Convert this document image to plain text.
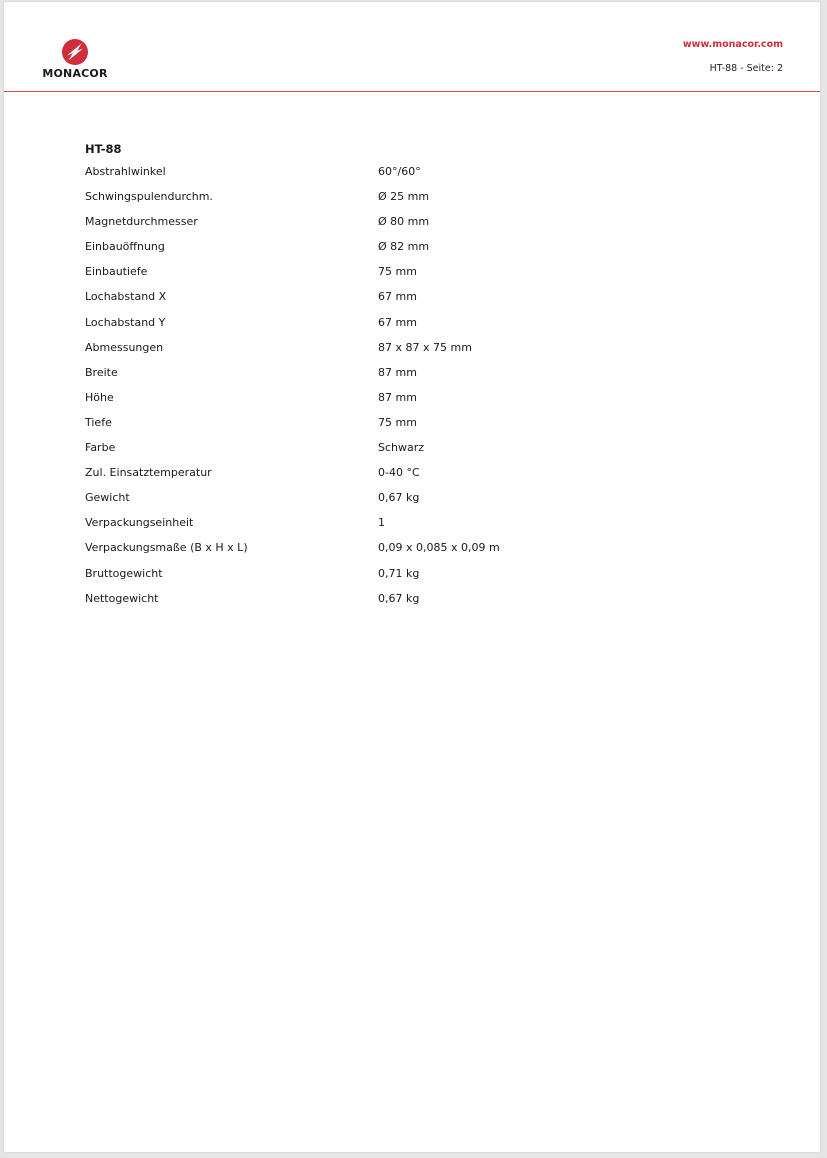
MONACOR
www.monacor.com
HT-88 - Seite: 2
HT-88
Abstrahlwinkel	60°/60°
Schwingspulendurchm.	Ø 25 mm
Magnetdurchmesser	Ø 80 mm
Einbauöffnung	Ø 82 mm
Einbautiefe	75 mm
Lochabstand X	67 mm
Lochabstand Y	67 mm
Abmessungen	87 x 87 x 75 mm
Breite	87 mm
Höhe	87 mm
Tiefe	75 mm
Farbe	Schwarz
Zul. Einsatztemperatur	0-40 °C
Gewicht	0,67 kg
Verpackungseinheit	1
Verpackungsmaße (B x H x L)	0,09 x 0,085 x 0,09 m
Bruttogewicht	0,71 kg
Nettogewicht	0,67 kg
